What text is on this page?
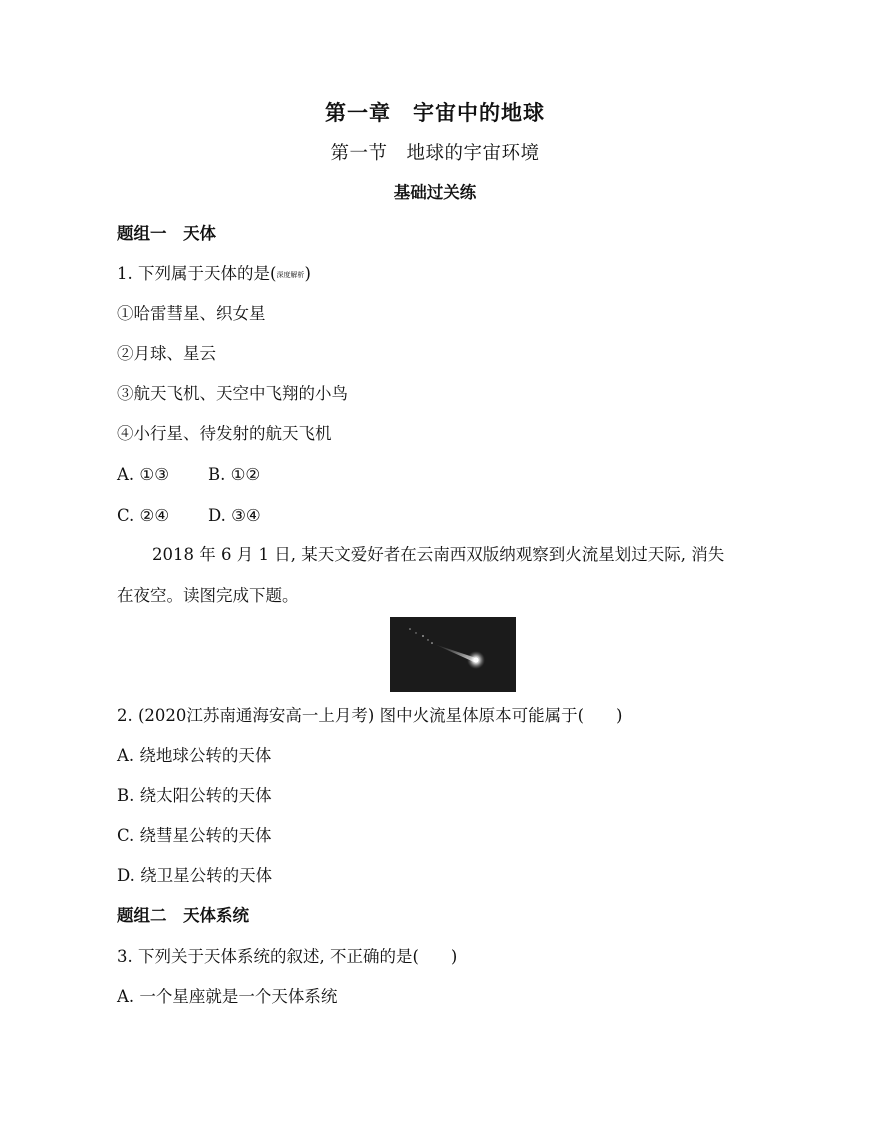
第一章　宇宙中的地球
第一节　地球的宇宙环境
基础过关练
题组一　天体
1. 下列属于天体的是(深度解析)
①哈雷彗星、织女星
②月球、星云
③航天飞机、天空中飞翔的小鸟
④小行星、待发射的航天飞机
A. ①③ B. ①②
C. ②④ D. ③④
2018 年 6 月 1 日, 某天文爱好者在云南西双版纳观察到火流星划过天际, 消失
在夜空。读图完成下题。
2. (2020江苏南通海安高一上月考) 图中火流星体原本可能属于( )
A. 绕地球公转的天体
B. 绕太阳公转的天体
C. 绕彗星公转的天体
D. 绕卫星公转的天体
题组二　天体系统
3. 下列关于天体系统的叙述, 不正确的是( )
A. 一个星座就是一个天体系统
